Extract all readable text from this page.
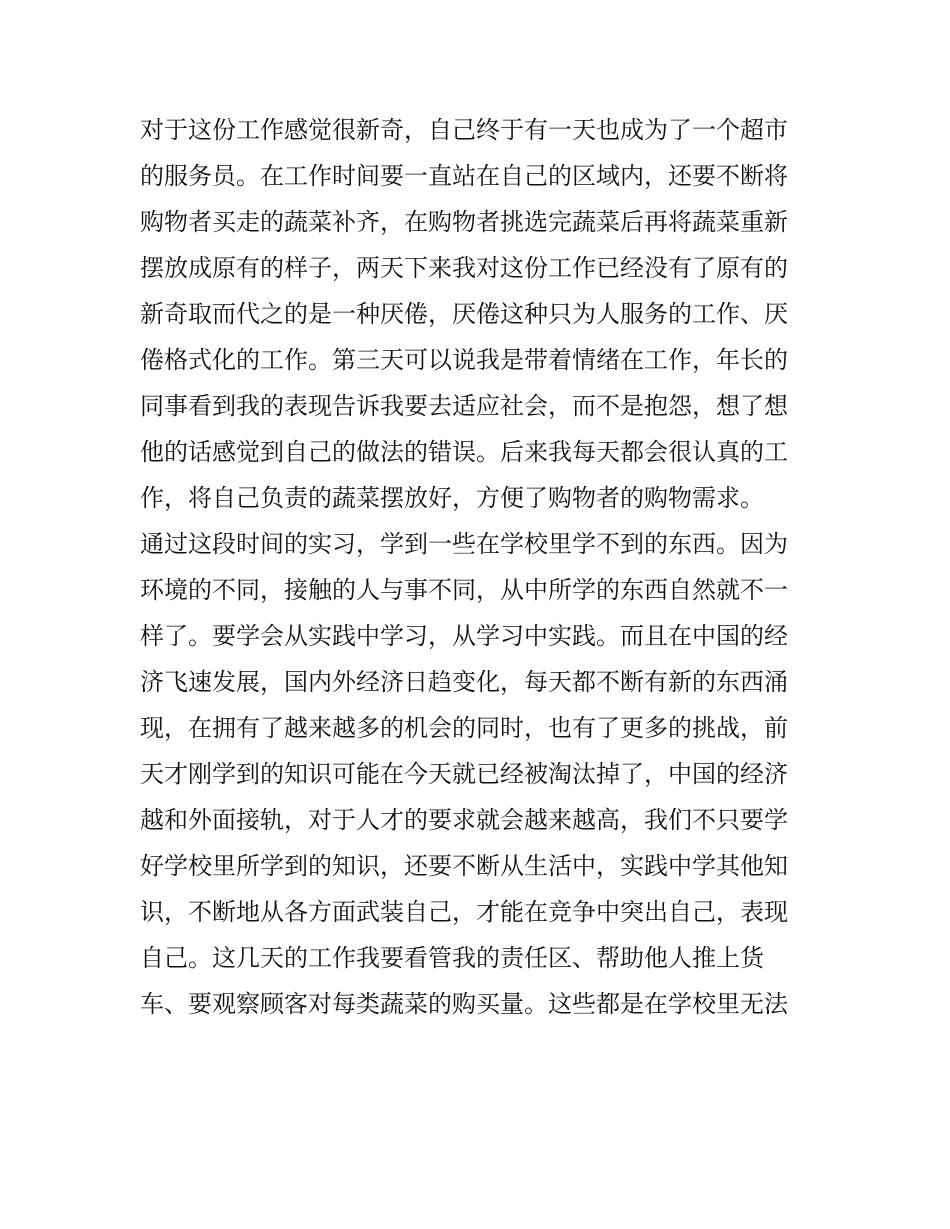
对于这份工作感觉很新奇，自己终于有一天也成为了一个超市
的服务员。在工作时间要一直站在自己的区域内，还要不断将
购物者买走的蔬菜补齐，在购物者挑选完蔬菜后再将蔬菜重新
摆放成原有的样子，两天下来我对这份工作已经没有了原有的
新奇取而代之的是一种厌倦，厌倦这种只为人服务的工作、厌
倦格式化的工作。第三天可以说我是带着情绪在工作，年长的
同事看到我的表现告诉我要去适应社会，而不是抱怨，想了想
他的话感觉到自己的做法的错误。后来我每天都会很认真的工
作，将自己负责的蔬菜摆放好，方便了购物者的购物需求。
通过这段时间的实习，学到一些在学校里学不到的东西。因为
环境的不同，接触的人与事不同，从中所学的东西自然就不一
样了。要学会从实践中学习，从学习中实践。而且在中国的经
济飞速发展，国内外经济日趋变化，每天都不断有新的东西涌
现，在拥有了越来越多的机会的同时，也有了更多的挑战，前
天才刚学到的知识可能在今天就已经被淘汰掉了，中国的经济
越和外面接轨，对于人才的要求就会越来越高，我们不只要学
好学校里所学到的知识，还要不断从生活中，实践中学其他知
识，不断地从各方面武装自己，才能在竞争中突出自己，表现
自己。这几天的工作我要看管我的责任区、帮助他人推上货
车、要观察顾客对每类蔬菜的购买量。这些都是在学校里无法
